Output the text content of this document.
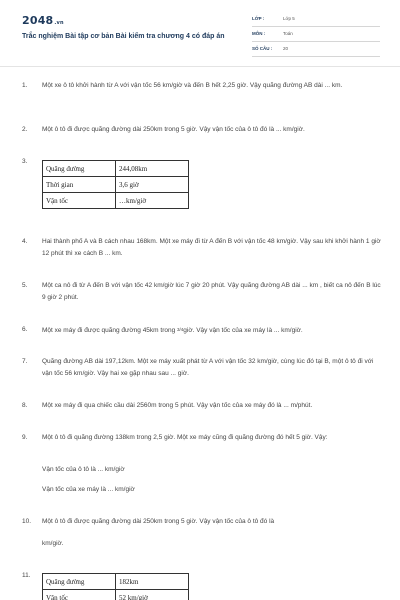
2048.vn
Trắc nghiệm Bài tập cơ bản Bài kiểm tra chương 4 có đáp án
LỚP :	Lớp 5
MÔN :	Toán
SỐ CÂU : 20
1. Một xe ô tô khởi hành từ A với vận tốc 56 km/giờ và đến B hết 2,25 giờ. Vậy quãng đường AB dài ... km.
2. Một ô tô đi được quãng đường dài 250km trong 5 giờ. Vậy vận tốc của ô tô đó là ... km/giờ.
3.
Quãng đường	244,08km
Thời gian	3,6 giờ
Vận tốc	…km/giờ
4. Hai thành phố A và B cách nhau 168km. Một xe máy đi từ A đến B với vận tốc 48 km/giờ. Vậy sau khi khởi hành 1 giờ 12 phút thì xe cách B ... km.
5. Một ca nô đi từ A đến B với vận tốc 42 km/giờ lúc 7 giờ 20 phút. Vậy quãng đường AB dài ... km , biết ca nô đến B lúc 9 giờ 2 phút.
6. Một xe máy đi được quãng đường 45km trong 3/4giờ. Vậy vận tốc của xe máy là ... km/giờ.
7. Quãng đường AB dài 197,12km. Một xe máy xuất phát từ A với vận tốc 32 km/giờ, cùng lúc đó tại B, một ô tô đi với vận tốc 56 km/giờ. Vậy hai xe gặp nhau sau ... giờ.
8. Một xe máy đi qua chiếc cầu dài 2560m trong 5 phút. Vậy vận tốc của xe máy đó là ... m/phút.
9. Một ô tô đi quãng đường 138km trong 2,5 giờ. Một xe máy cũng đi quãng đường đó hết 5 giờ. Vậy:
Vận tốc của ô tô là ... km/giờ
Vận tốc của xe máy là ... km/giờ
10. Một ô tô đi được quãng đường dài 250km trong 5 giờ. Vậy vận tốc của ô tô đó là
km/giờ.
11.
Quãng đường	182km
Vận tốc	52 km/giờ
